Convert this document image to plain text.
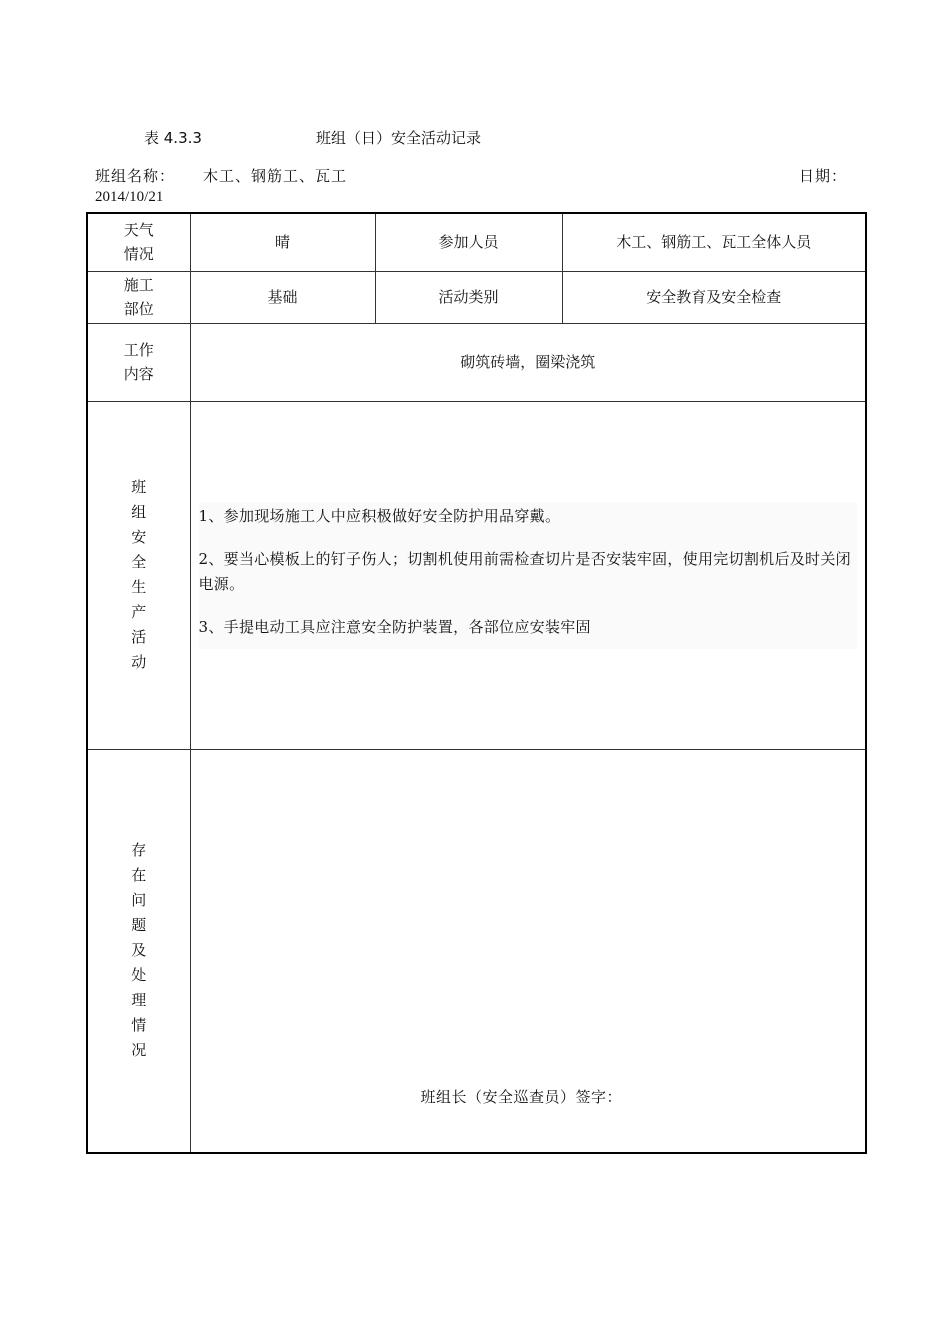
表 4.3.3	班组（日）安全活动记录
班组名称： 木工、钢筋工、瓦工	日期：
2014/10/21
天气情况	晴	参加人员	木工、钢筋工、瓦工全体人员
施工部位	基础	活动类别	安全教育及安全检查
工作内容	砌筑砖墙，圈梁浇筑		
班组安全生产活动	1、参加现场施工人中应积极做好安全防护用品穿戴。

2、要当心模板上的钉子伤人；切割机使用前需检查切片是否安装牢固，使用完切割机后及时关闭电源。

3、手提电动工具应注意安全防护装置，各部位应安装牢固		

存在问题及处理情况	班组长（安全巡查员）签字：		
